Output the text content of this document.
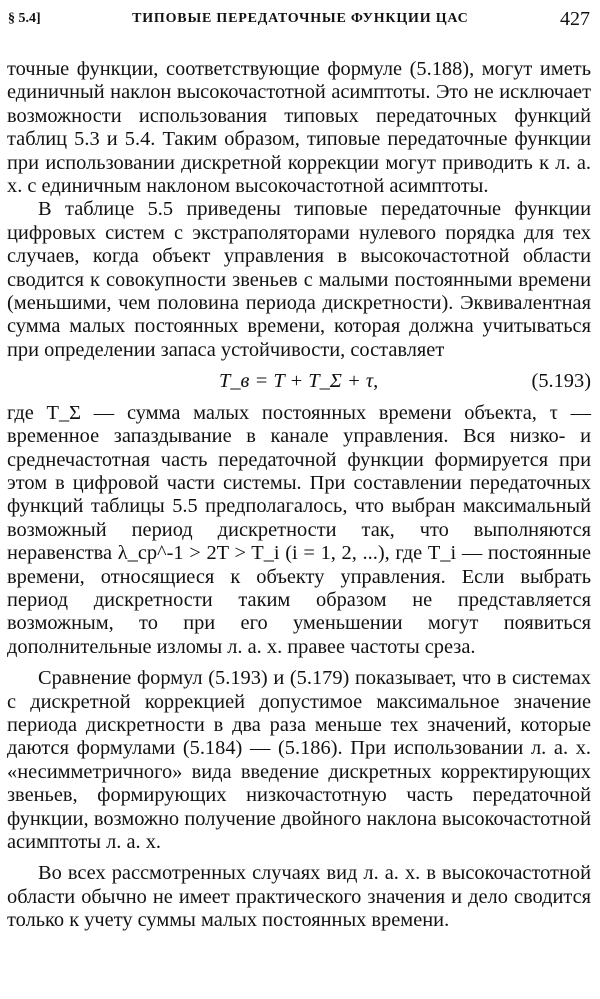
§ 5.4]	ТИПОВЫЕ ПЕРЕДАТОЧНЫЕ ФУНКЦИИ ЦАС	427

точные функции, соответствующие формуле (5.188), могут иметь единичный наклон высокочастотной асимптоты. Это не исключает возможности использования типовых передаточных функций таблиц 5.3 и 5.4. Таким образом, типовые передаточные функции при использовании дискретной коррекции могут приводить к л. а. х. с единичным наклоном высокочастотной асимптоты.

В таблице 5.5 приведены типовые передаточные функции цифровых систем с экстраполяторами нулевого порядка для тех случаев, когда объект управления в высокочастотной области сводится к совокупности звеньев с малыми постоянными времени (меньшими, чем половина периода дискретности). Эквивалентная сумма малых постоянных времени, которая должна учитываться при определении запаса устойчивости, составляет

T_в = T + T_Σ + τ,	(5.193)

где T_Σ — сумма малых постоянных времени объекта, τ — временное запаздывание в канале управления. Вся низко- и среднечастотная часть передаточной функции формируется при этом в цифровой части системы. При составлении передаточных функций таблицы 5.5 предполагалось, что выбран максимальный возможный период дискретности так, что выполняются неравенства λ_cp^-1 > 2T > T_i (i = 1, 2, ...), где T_i — постоянные времени, относящиеся к объекту управления. Если выбрать период дискретности таким образом не представляется возможным, то при его уменьшении могут появиться дополнительные изломы л. а. х. правее частоты среза.

Сравнение формул (5.193) и (5.179) показывает, что в системах с дискретной коррекцией допустимое максимальное значение периода дискретности в два раза меньше тех значений, которые даются формулами (5.184) — (5.186). При использовании л. а. х. «несимметричного» вида введение дискретных корректирующих звеньев, формирующих низкочастотную часть передаточной функции, возможно получение двойного наклона высокочастотной асимптоты л. а. х.

Во всех рассмотренных случаях вид л. а. х. в высокочастотной области обычно не имеет практического значения и дело сводится только к учету суммы малых постоянных времени.
